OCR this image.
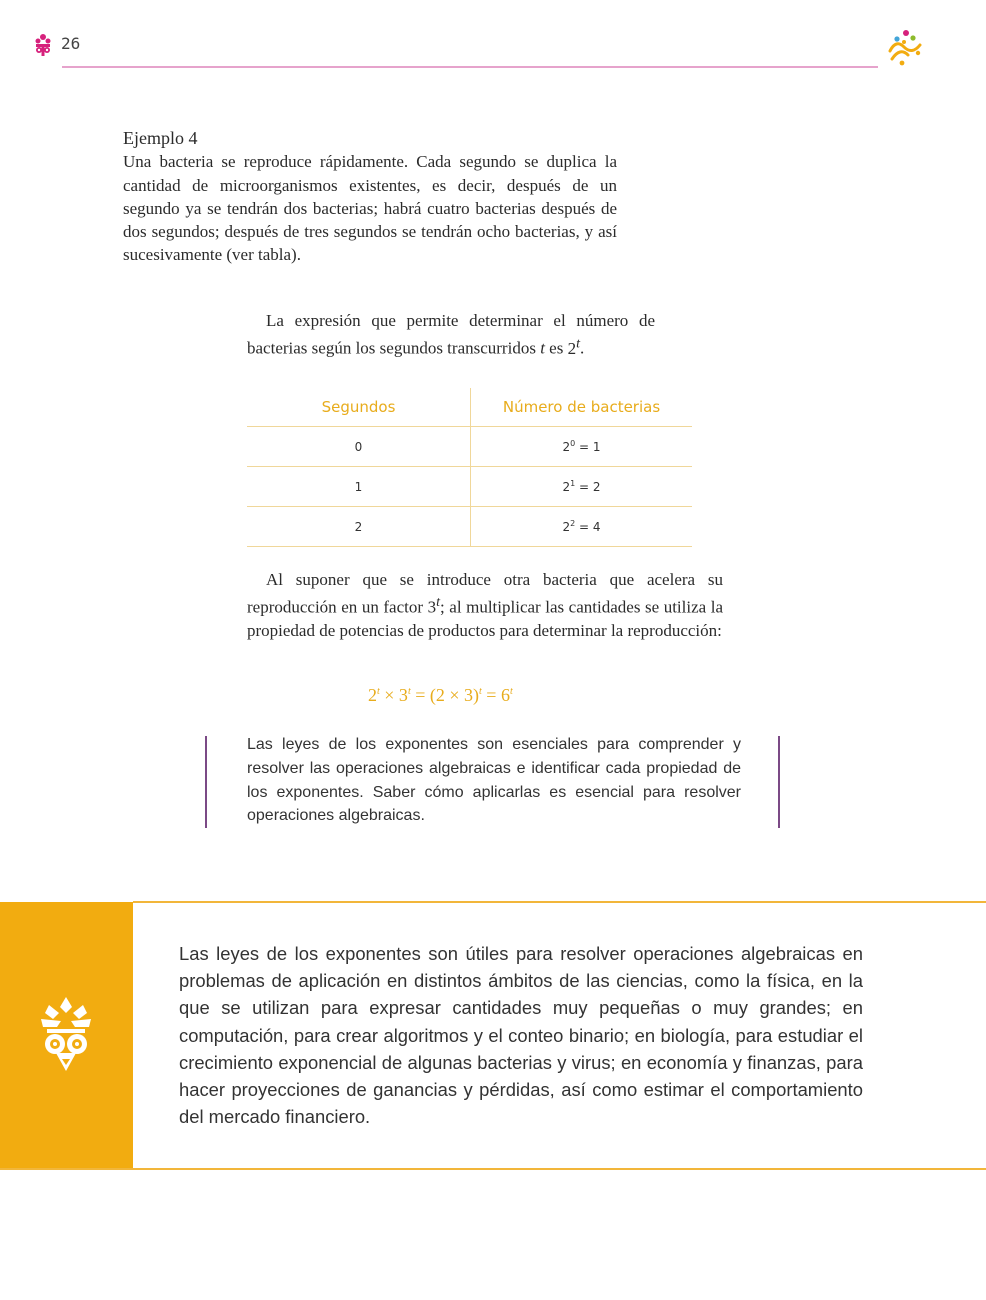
26
Ejemplo 4
Una bacteria se reproduce rápidamente. Cada segundo se duplica la cantidad de microorganismos existentes, es decir, después de un segundo ya se tendrán dos bacterias; habrá cuatro bacterias después de dos segundos; después de tres segundos se tendrán ocho bacterias, y así sucesivamente (ver tabla).
La expresión que permite determinar el número de bacterias según los segundos transcurridos t es 2$^t$.
Segundos	Número de bacterias
0	$2^0 = 1$
1	$2^1 = 2$
2	$2^2 = 4$
Al suponer que se introduce otra bacteria que acelera su reproducción en un factor 3$^t$; al multiplicar las cantidades se utiliza la propiedad de potencias de productos para determinar la reproducción:
$2^t \times 3^t = (2 \times 3)^t = 6^t$
Las leyes de los exponentes son esenciales para comprender y resolver las operaciones algebraicas e identificar cada propiedad de los exponentes. Saber cómo aplicarlas es esencial para resolver operaciones algebraicas.
Las leyes de los exponentes son útiles para resolver operaciones algebraicas en problemas de aplicación en distintos ámbitos de las ciencias, como la física, en la que se utilizan para expresar cantidades muy pequeñas o muy grandes; en computación, para crear algoritmos y el conteo binario; en biología, para estudiar el crecimiento exponencial de algunas bacterias y virus; en economía y finanzas, para hacer proyecciones de ganancias y pérdidas, así como estimar el comportamiento del mercado financiero.
